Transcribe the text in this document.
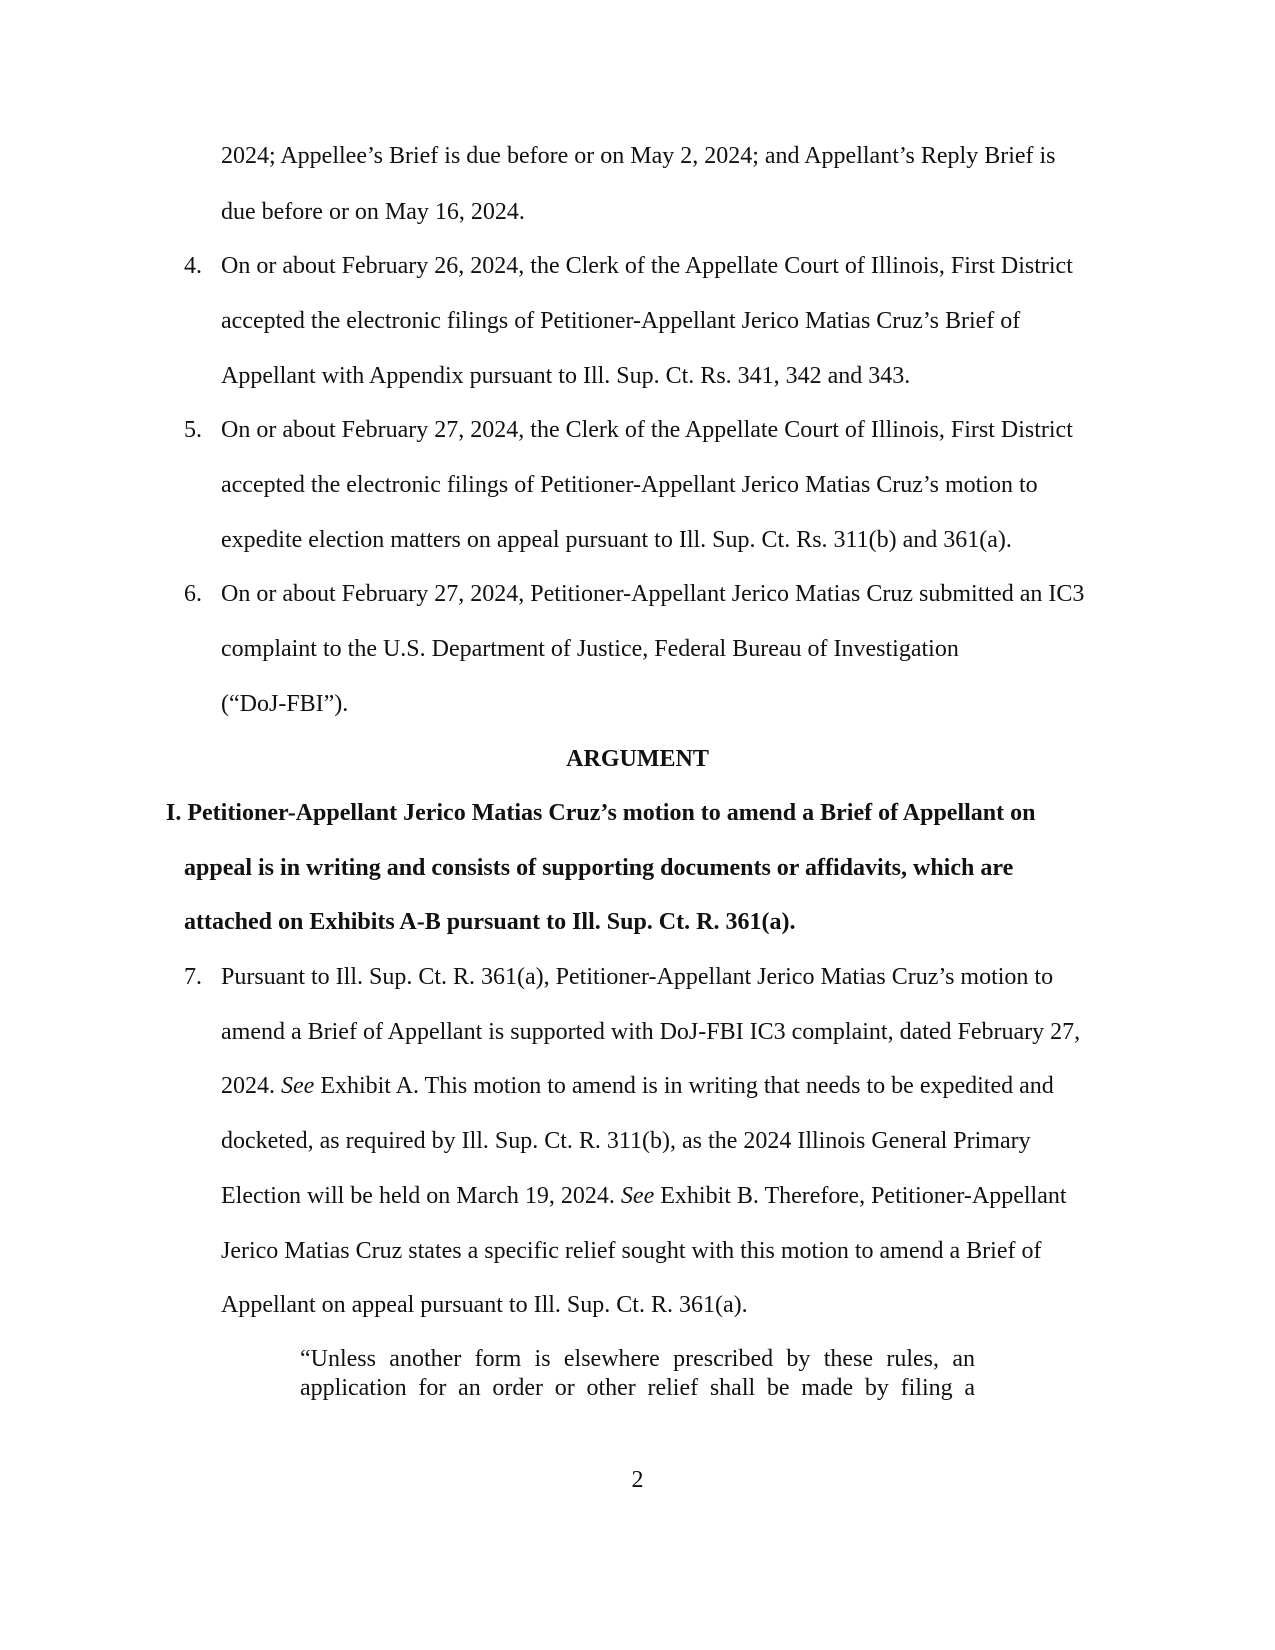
2024; Appellee’s Brief is due before or on May 2, 2024; and Appellant’s Reply Brief is
due before or on May 16, 2024.
4. On or about February 26, 2024, the Clerk of the Appellate Court of Illinois, First District
accepted the electronic filings of Petitioner-Appellant Jerico Matias Cruz’s Brief of
Appellant with Appendix pursuant to Ill. Sup. Ct. Rs. 341, 342 and 343.
5. On or about February 27, 2024, the Clerk of the Appellate Court of Illinois, First District
accepted the electronic filings of Petitioner-Appellant Jerico Matias Cruz’s motion to
expedite election matters on appeal pursuant to Ill. Sup. Ct. Rs. 311(b) and 361(a).
6. On or about February 27, 2024, Petitioner-Appellant Jerico Matias Cruz submitted an IC3
complaint to the U.S. Department of Justice, Federal Bureau of Investigation
(“DoJ-FBI”).
ARGUMENT
I. Petitioner-Appellant Jerico Matias Cruz’s motion to amend a Brief of Appellant on
appeal is in writing and consists of supporting documents or affidavits, which are
attached on Exhibits A-B pursuant to Ill. Sup. Ct. R. 361(a).
7. Pursuant to Ill. Sup. Ct. R. 361(a), Petitioner-Appellant Jerico Matias Cruz’s motion to
amend a Brief of Appellant is supported with DoJ-FBI IC3 complaint, dated February 27,
2024. See Exhibit A. This motion to amend is in writing that needs to be expedited and
docketed, as required by Ill. Sup. Ct. R. 311(b), as the 2024 Illinois General Primary
Election will be held on March 19, 2024. See Exhibit B. Therefore, Petitioner-Appellant
Jerico Matias Cruz states a specific relief sought with this motion to amend a Brief of
Appellant on appeal pursuant to Ill. Sup. Ct. R. 361(a).
“Unless another form is elsewhere prescribed by these rules, an
application for an order or other relief shall be made by filing a
2
